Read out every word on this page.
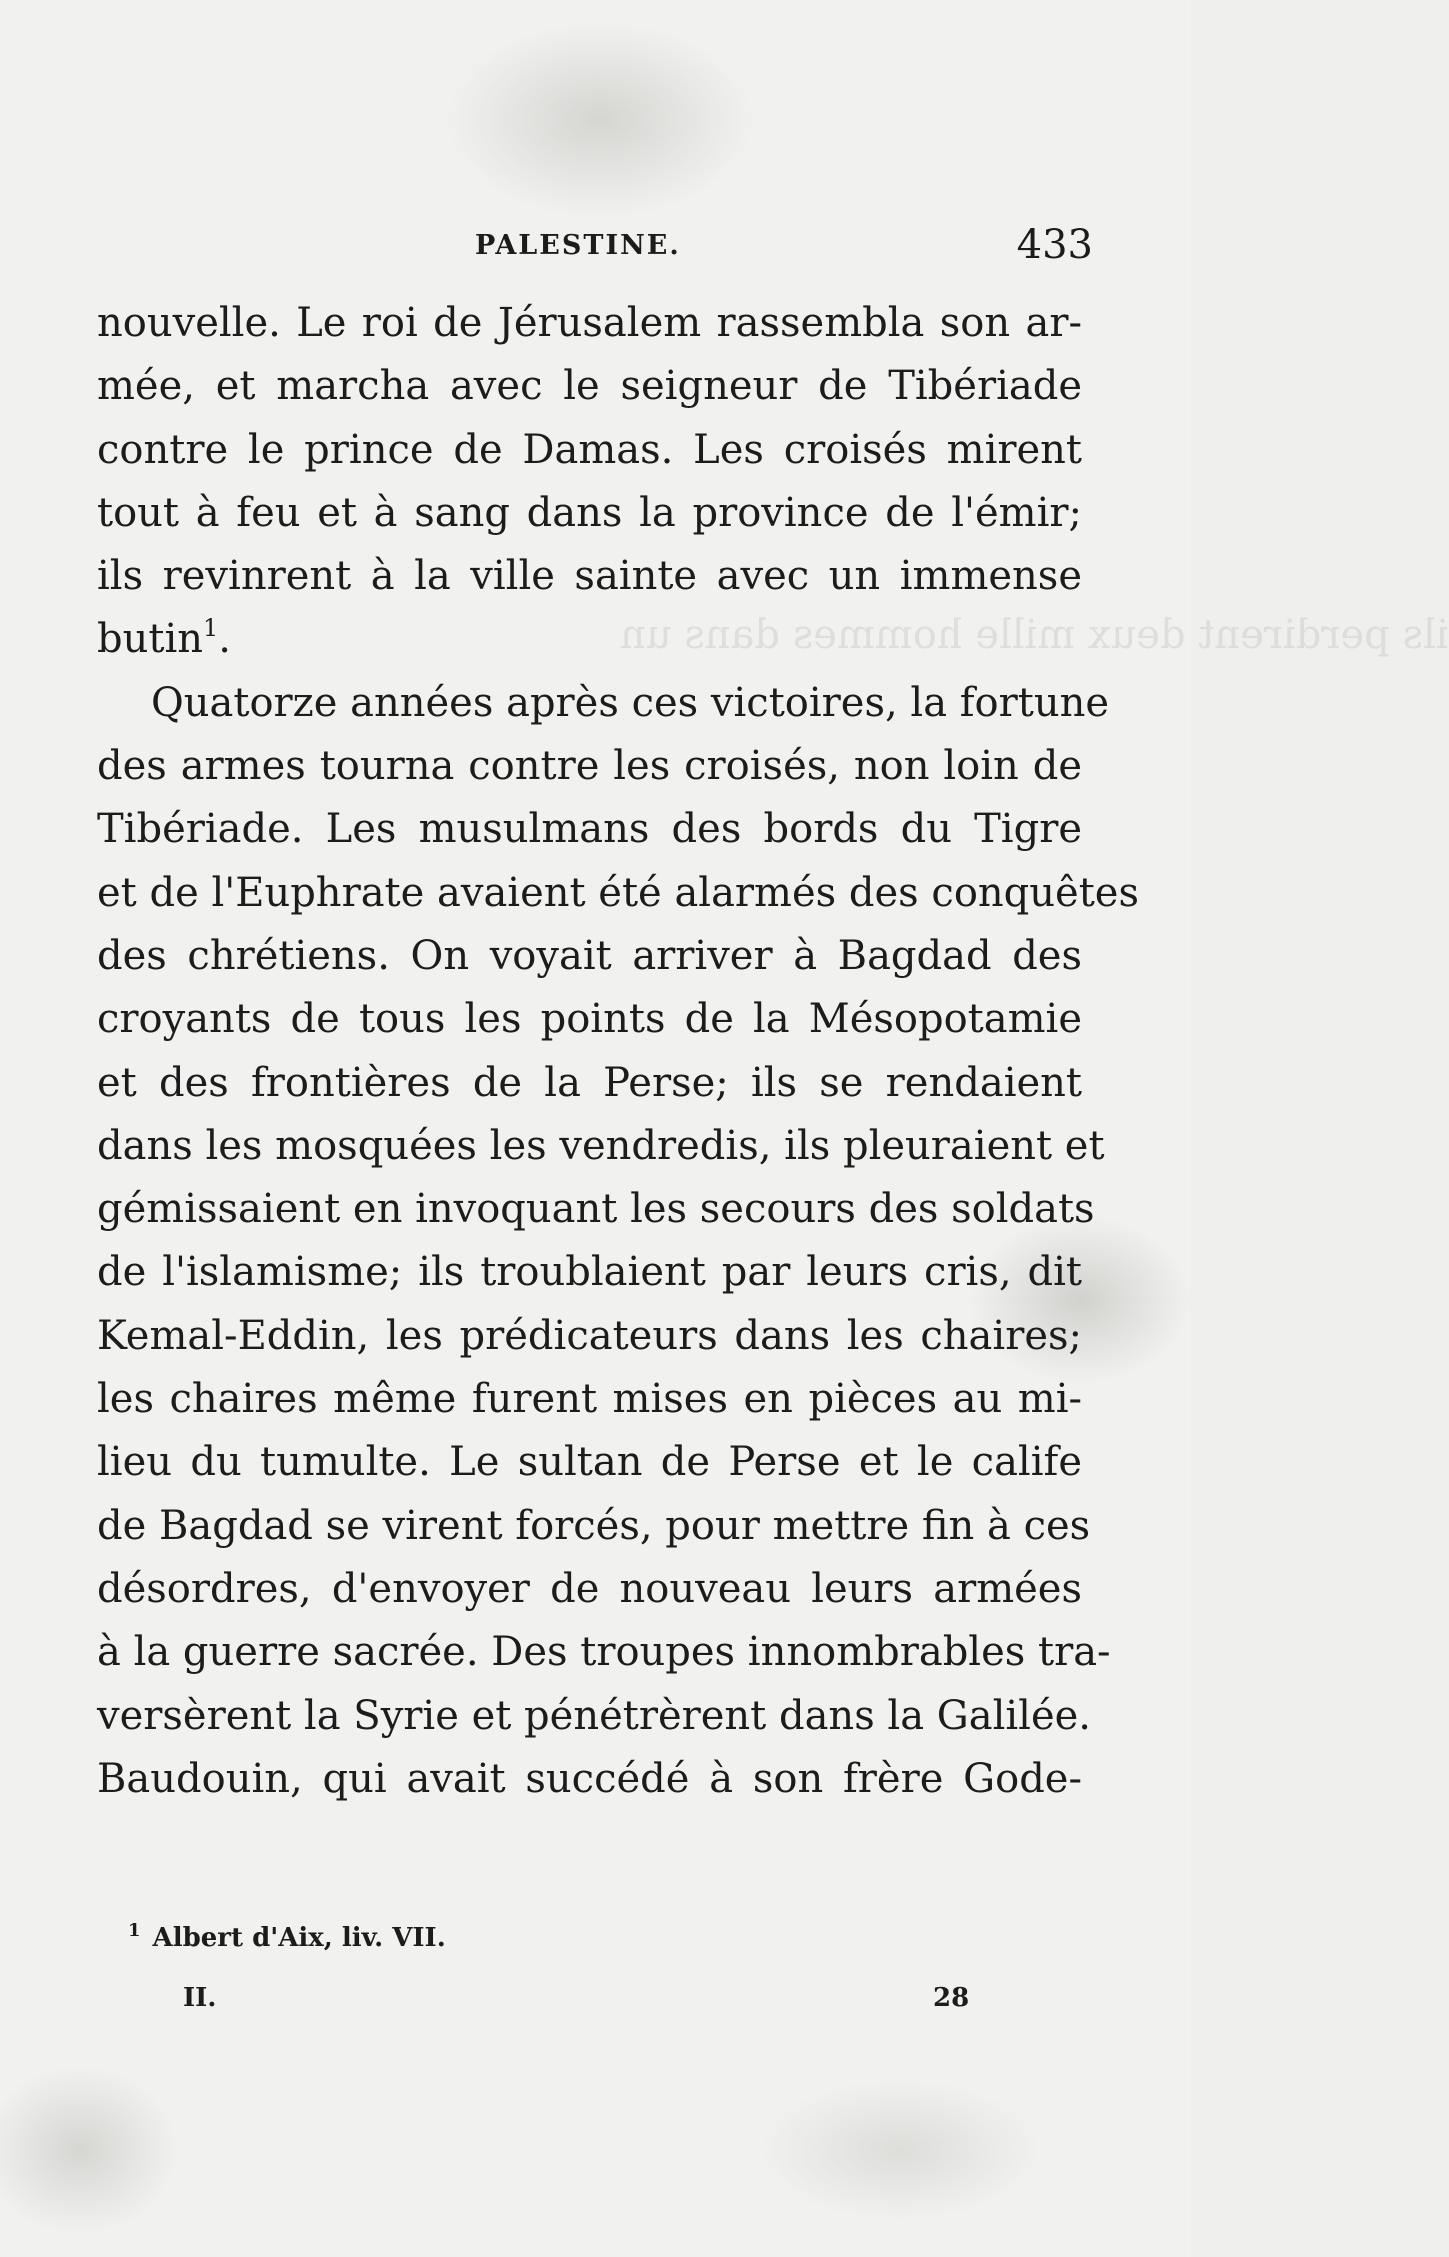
ils perdirent deux mille hommes dans un
PALESTINE.	433
nouvelle. Le roi de Jérusalem rassembla son ar-
mée, et marcha avec le seigneur de Tibériade
contre le prince de Damas. Les croisés mirent
tout à feu et à sang dans la province de l'émir;
ils revinrent à la ville sainte avec un immense
butin$^1$.
Quatorze années après ces victoires, la fortune
des armes tourna contre les croisés, non loin de
Tibériade. Les musulmans des bords du Tigre
et de l'Euphrate avaient été alarmés des conquêtes
des chrétiens. On voyait arriver à Bagdad des
croyants de tous les points de la Mésopotamie
et des frontières de la Perse; ils se rendaient
dans les mosquées les vendredis, ils pleuraient et
gémissaient en invoquant les secours des soldats
de l'islamisme; ils troublaient par leurs cris, dit
Kemal-Eddin, les prédicateurs dans les chaires;
les chaires même furent mises en pièces au mi-
lieu du tumulte. Le sultan de Perse et le calife
de Bagdad se virent forcés, pour mettre fin à ces
désordres, d'envoyer de nouveau leurs armées
à la guerre sacrée. Des troupes innombrables tra-
versèrent la Syrie et pénétrèrent dans la Galilée.
Baudouin, qui avait succédé à son frère Gode-
$^1$ Albert d'Aix, liv. VII.
II.	28
